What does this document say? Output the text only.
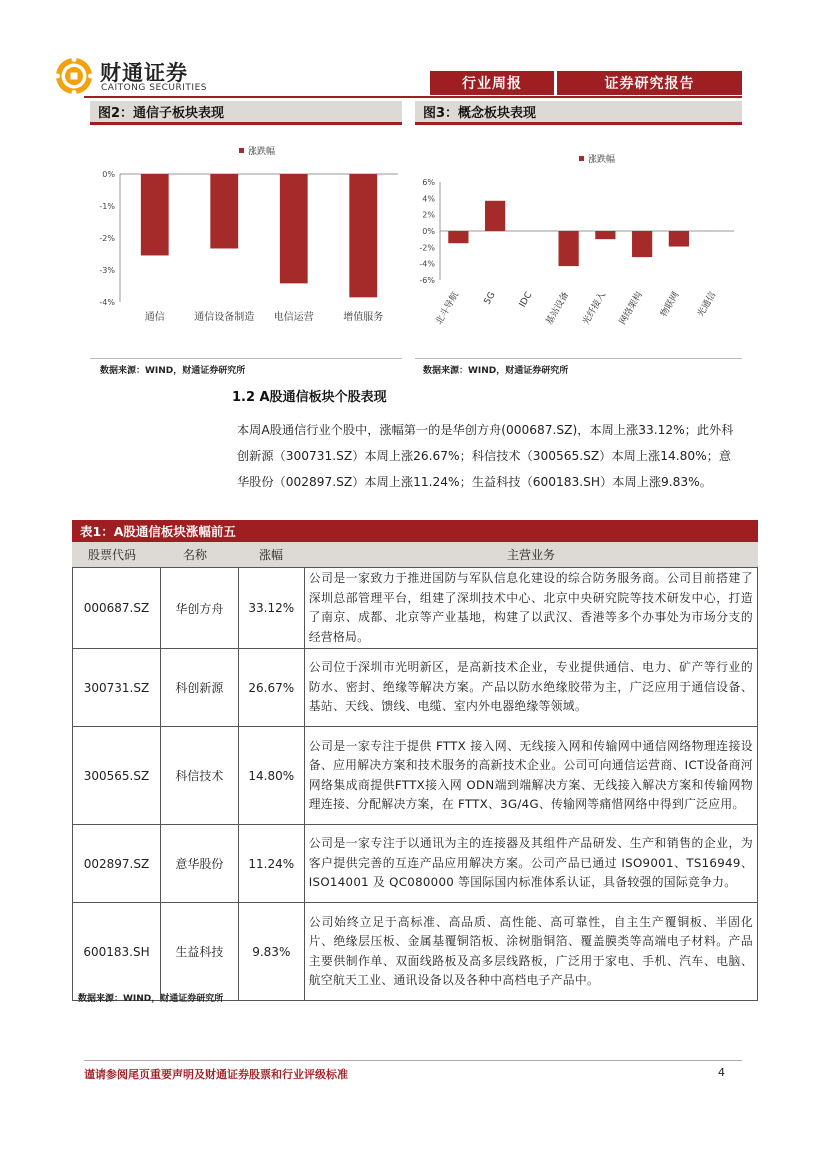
财通证券
CAITONG SECURITIES	行业周报	证券研究报告
图2：通信子板块表现
涨跌幅
0%
-1%
-2%
-3%
-4%
通信	通信设备制造 电信运营	增值服务
数据来源：WIND，财通证券研究所
图3：概念板块表现
涨跌幅
6%
4%
2%
0%
-2%
-4%
-6%
北斗导航 5G IDC 基站设备 光纤接入 网络架构 物联网 光通信
数据来源：WIND，财通证券研究所
1.2 A股通信板块个股表现
本周A股通信行业个股中，涨幅第一的是华创方舟(000687.SZ)，本周上涨33.12%；此外科创新源（300731.SZ）本周上涨26.67%；科信技术（300565.SZ）本周上涨14.80%；意华股份（002897.SZ）本周上涨11.24%；生益科技（600183.SH）本周上涨9.83%。
表1：A股通信板块涨幅前五
股票代码	名称	涨幅	主营业务
000687.SZ	华创方舟	33.12%	公司是一家致力于推进国防与军队信息化建设的综合防务服务商。公司目前搭建了深圳总部管理平台，组建了深圳技术中心、北京中央研究院等技术研发中心，打造了南京、成都、北京等产业基地，构建了以武汉、香港等多个办事处为市场分支的经营格局。
300731.SZ	科创新源	26.67%	公司位于深圳市光明新区，是高新技术企业，专业提供通信、电力、矿产等行业的防水、密封、绝缘等解决方案。产品以防水绝缘胶带为主，广泛应用于通信设备、基站、天线、馈线、电缆、室内外电器绝缘等领域。
300565.SZ	科信技术	14.80%	公司是一家专注于提供 FTTX 接入网、无线接入网和传输网中通信网络物理连接设备、应用解决方案和技术服务的高新技术企业。公司可向通信运营商、ICT设备商河网络集成商提供FTTX接入网 ODN端到端解决方案、无线接入解决方案和传输网物理连接、分配解决方案，在 FTTX、3G/4G、传输网等痛惜网络中得到广泛应用。
002897.SZ	意华股份	11.24%	公司是一家专注于以通讯为主的连接器及其组件产品研发、生产和销售的企业，为客户提供完善的互连产品应用解决方案。公司产品已通过 ISO9001、TS16949、ISO14001 及 QC080000 等国际国内标准体系认证，具备较强的国际竞争力。
600183.SH	生益科技	9.83%	公司始终立足于高标准、高品质、高性能、高可靠性，自主生产覆铜板、半固化片、绝缘层压板、金属基覆铜箔板、涂树脂铜箔、覆盖膜类等高端电子材料。产品主要供制作单、双面线路板及高多层线路板，广泛用于家电、手机、汽车、电脑、航空航天工业、通讯设备以及各种中高档电子产品中。
数据来源：WIND，财通证券研究所
谨请参阅尾页重要声明及财通证券股票和行业评级标准	4
